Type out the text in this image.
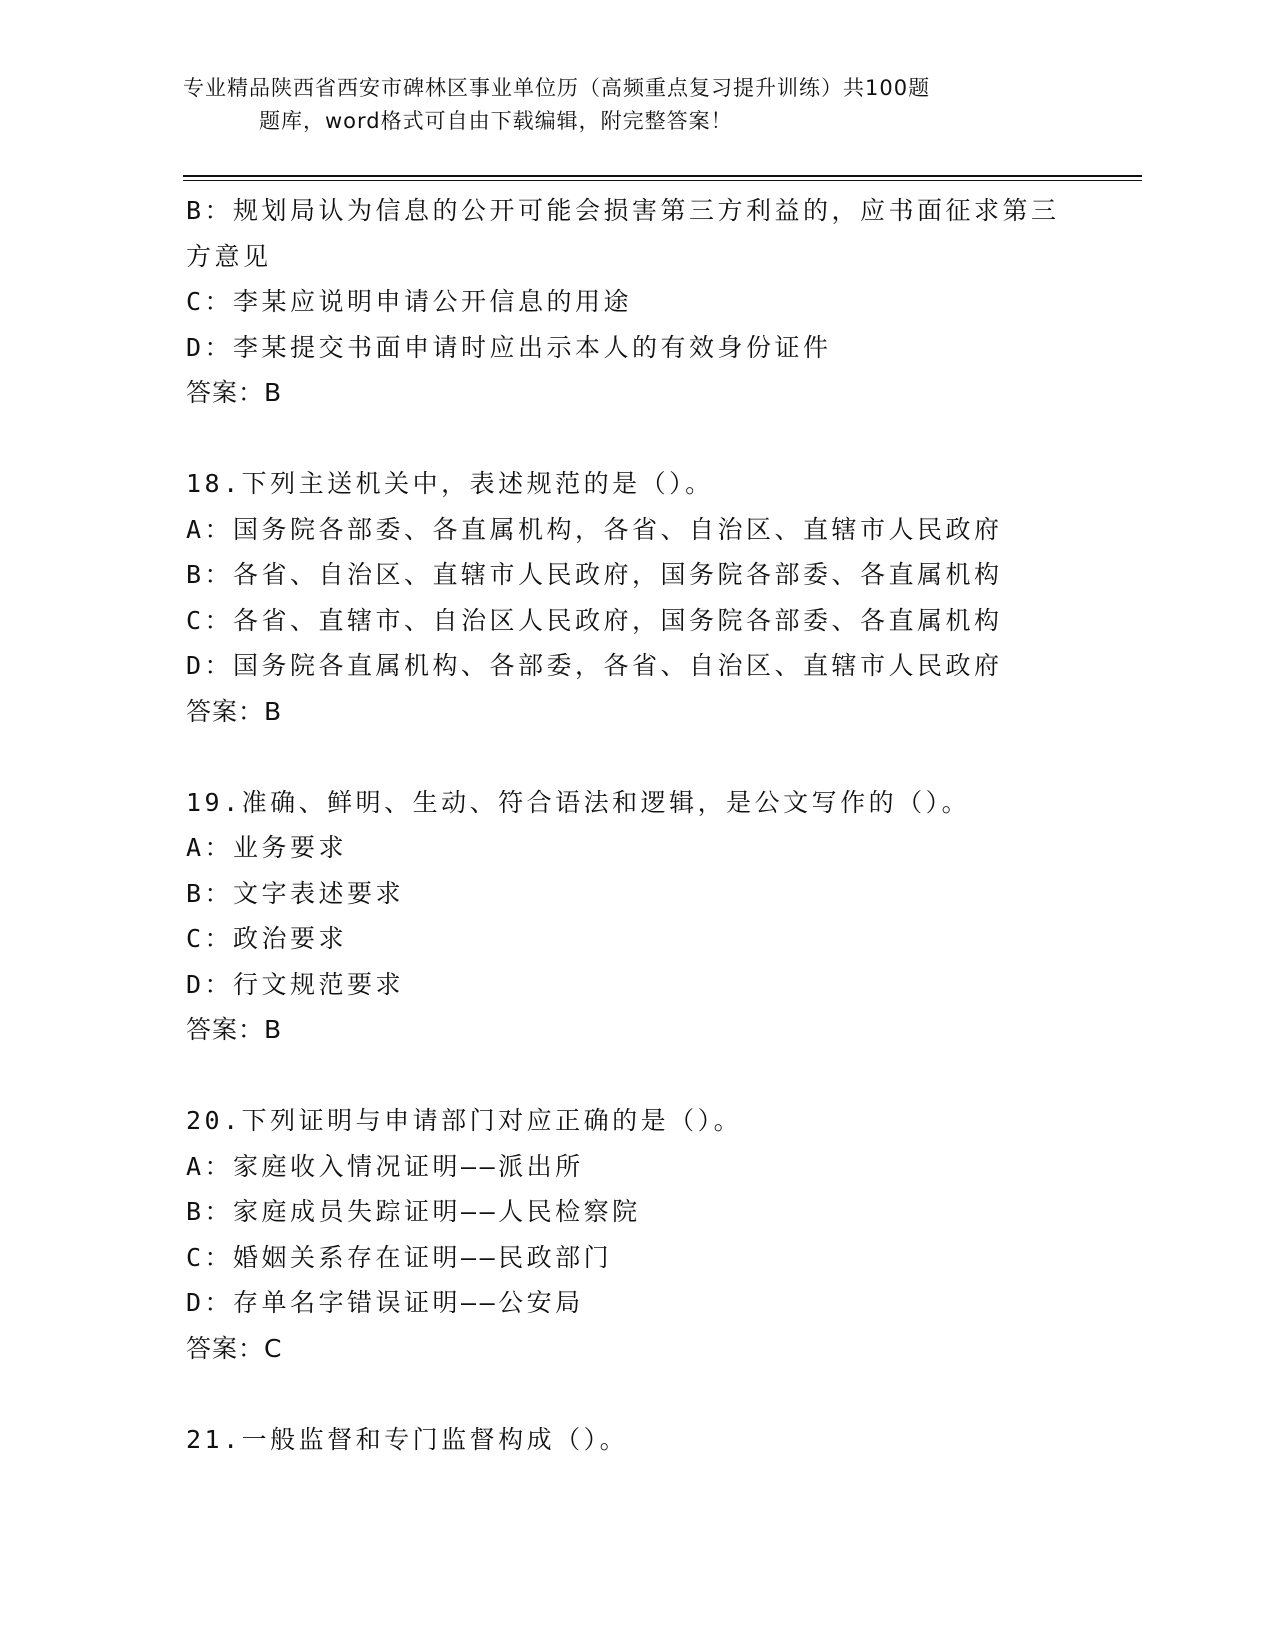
专业精品陕西省西安市碑林区事业单位历（高频重点复习提升训练）共100题
题库，word格式可自由下载编辑，附完整答案！
B：规划局认为信息的公开可能会损害第三方利益的，应书面征求第三
方意见
C：李某应说明申请公开信息的用途
D：李某提交书面申请时应出示本人的有效身份证件
答案：B
18.下列主送机关中，表述规范的是（）。
A：国务院各部委、各直属机构，各省、自治区、直辖市人民政府
B：各省、自治区、直辖市人民政府，国务院各部委、各直属机构
C：各省、直辖市、自治区人民政府，国务院各部委、各直属机构
D：国务院各直属机构、各部委，各省、自治区、直辖市人民政府
答案：B
19.准确、鲜明、生动、符合语法和逻辑，是公文写作的（）。
A：业务要求
B：文字表述要求
C：政治要求
D：行文规范要求
答案：B
20.下列证明与申请部门对应正确的是（）。
A：家庭收入情况证明——派出所
B：家庭成员失踪证明——人民检察院
C：婚姻关系存在证明——民政部门
D：存单名字错误证明——公安局
答案：C
21.一般监督和专门监督构成（）。
